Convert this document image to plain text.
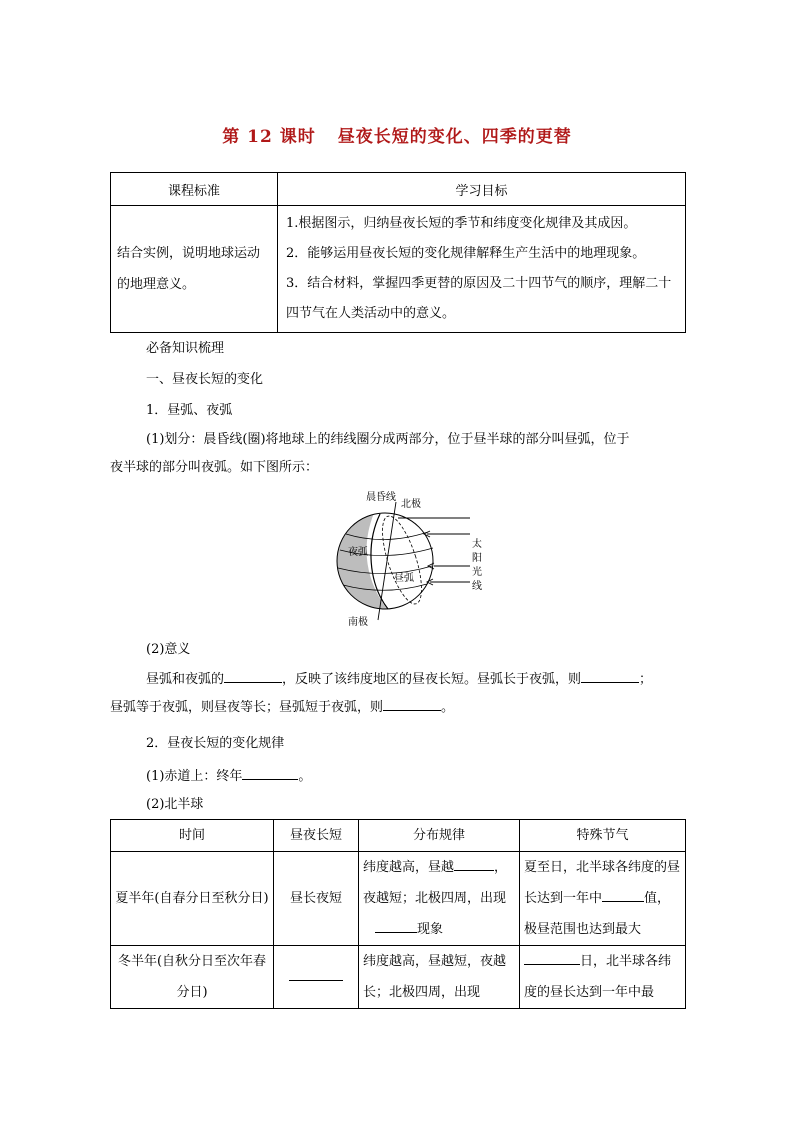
第 12 课时 昼夜长短的变化、四季的更替
课程标准	学习目标
结合实例，说明地球运动的地理意义。	1.根据图示，归纳昼夜长短的季节和纬度变化规律及其成因。
2．能够运用昼夜长短的变化规律解释生产生活中的地理现象。
3．结合材料，掌握四季更替的原因及二十四节气的顺序，理解二十四节气在人类活动中的意义。
必备知识梳理
一、昼夜长短的变化
1．昼弧、夜弧
(1)划分：晨昏线(圈)将地球上的纬线圈分成两部分，位于昼半球的部分叫昼弧，位于
夜半球的部分叫夜弧。如下图所示：
晨昏线
北极
夜弧
昼弧
南极
太
阳
光
线
(2)意义
昼弧和夜弧的	，反映了该纬度地区的昼夜长短。昼弧长于夜弧，则	；
昼弧等于夜弧，则昼夜等长；昼弧短于夜弧，则	。
2．昼夜长短的变化规律
(1)赤道上：终年	。
(2)北半球
时间	昼夜长短	分布规律	特殊节气
夏半年(自春分日至秋分日)	昼长夜短	纬度越高，昼越 ，夜越短；北极四周，出现现象	夏至日，北半球各纬度的昼长达到一年中 值，极昼范围也达到最大
冬半年(自秋分日至次年春分日)		纬度越高，昼越短，夜越长；北极四周，出现	日，北半球各纬度的昼长达到一年中最
